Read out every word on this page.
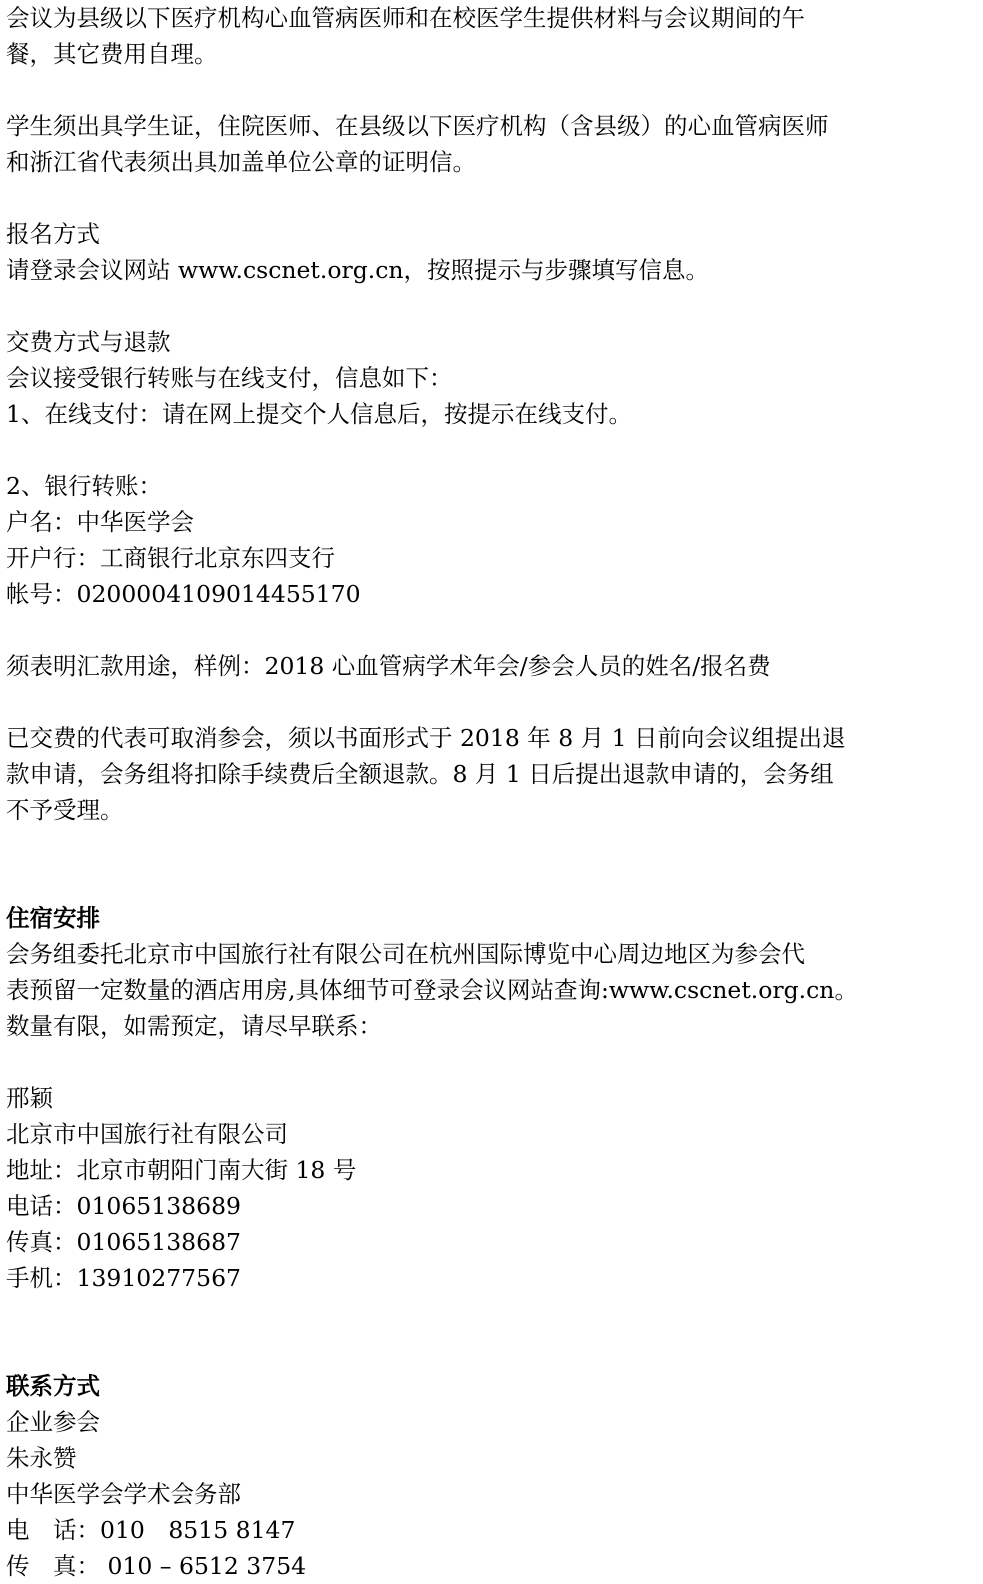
会议为县级以下医疗机构心血管病医师和在校医学生提供材料与会议期间的午
餐，其它费用自理。
学生须出具学生证，住院医师、在县级以下医疗机构（含县级）的心血管病医师
和浙江省代表须出具加盖单位公章的证明信。
报名方式
请登录会议网站 www.cscnet.org.cn，按照提示与步骤填写信息。
交费方式与退款
会议接受银行转账与在线支付，信息如下：
1、在线支付：请在网上提交个人信息后，按提示在线支付。
2、银行转账：
户名：中华医学会
开户行：工商银行北京东四支行
帐号：0200004109014455170
须表明汇款用途，样例：2018 心血管病学术年会/参会人员的姓名/报名费
已交费的代表可取消参会，须以书面形式于 2018 年 8 月 1 日前向会议组提出退
款申请，会务组将扣除手续费后全额退款。8 月 1 日后提出退款申请的，会务组
不予受理。
住宿安排
会务组委托北京市中国旅行社有限公司在杭州国际博览中心周边地区为参会代
表预留一定数量的酒店用房,具体细节可登录会议网站查询:www.cscnet.org.cn。
数量有限，如需预定，请尽早联系：
邢颖
北京市中国旅行社有限公司
地址：北京市朝阳门南大街 18 号
电话：01065138689
传真：01065138687
手机：13910277567
联系方式
企业参会
朱永赞
中华医学会学术会务部
电　话：010　8515 8147
传　真： 010 – 6512 3754
